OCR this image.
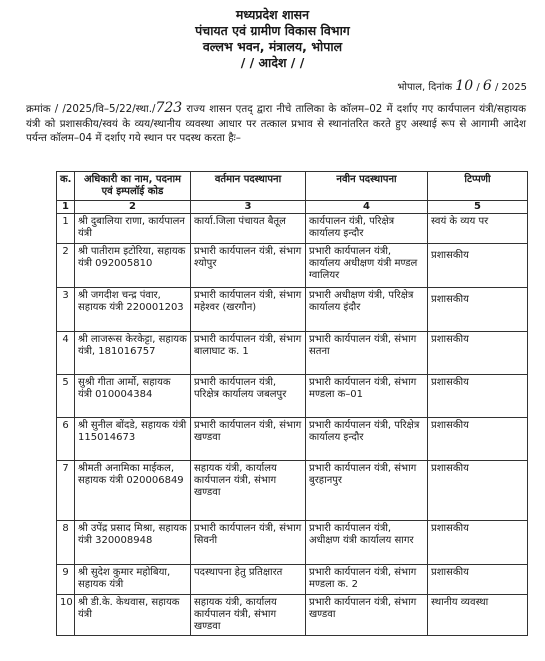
मध्यप्रदेश शासन
पंचायत एवं ग्रामीण विकास विभाग
वल्लभ भवन, मंत्रालय, भोपाल
/ / आदेश / /
भोपाल, दिनांक 10 / 6 / 2025
क्रमांक / /2025/वि–5/22/स्था./723 राज्य शासन एतद् द्वारा नीचे तालिका के कॉलम–02 में दर्शाए गए कार्यपालन यंत्री/सहायक यंत्री को प्रशासकीय/स्वयं के व्यय/स्थानीय व्यवस्था आधार पर तत्काल प्रभाव से स्थानांतरित करते हुए अस्थाई रूप से आगामी आदेश पर्यन्त कॉलम–04 में दर्शाए गये स्थान पर पदस्थ करता हैः–
क.	अधिकारी का नाम, पदनाम एवं इम्पलॉई कोड	वर्तमान पदस्थापना	नवीन पदस्थापना	टिप्पणी
1	2	3	4	5
1	श्री दुबालिया राणा, कार्यपालन यंत्री	कार्या.जिला पंचायत बैतूल	कार्यपालन यंत्री, परिक्षेत्र कार्यालय इन्दौर	स्वयं के व्यय पर
2	श्री पातीराम इटोरिया, सहायक यंत्री 092005810	प्रभारी कार्यपालन यंत्री, संभाग श्योपुर	प्रभारी कार्यपालन यंत्री, कार्यालय अधीक्षण यंत्री मण्डल ग्वालियर	प्रशासकीय
3	श्री जगदीश चन्द्र पंवार, सहायक यंत्री 220001203	प्रभारी कार्यपालन यंत्री, संभाग महेश्वर (खरगौन)	प्रभारी अधीक्षण यंत्री, परिक्षेत्र कार्यालय इंदौर	प्रशासकीय
4	श्री लाजरूस केरकेट्टा, सहायक यंत्री, 181016757	प्रभारी कार्यपालन यंत्री, संभाग बालाघाट क. 1	प्रभारी कार्यपालन यंत्री, संभाग सतना	प्रशासकीय
5	सुश्री गीता आर्मो, सहायक यंत्री 010004384	प्रभारी कार्यपालन यंत्री, परिक्षेत्र कार्यालय जबलपुर	प्रभारी कार्यपालन यंत्री, संभाग मण्डला क–01	प्रशासकीय
6	श्री सुनील बोंदडे, सहायक यंत्री 115014673	प्रभारी कार्यपालन यंत्री, संभाग खण्डवा	प्रभारी कार्यपालन यंत्री, परिक्षेत्र कार्यालय इन्दौर	प्रशासकीय
7	श्रीमती अनामिका माईकल, सहायक यंत्री 020006849	सहायक यंत्री, कार्यालय कार्यपालन यंत्री, संभाग खण्डवा	प्रभारी कार्यपालन यंत्री, संभाग बुरहानपुर	प्रशासकीय
8	श्री उपेंद्र प्रसाद मिश्रा, सहायक यंत्री 320008948	प्रभारी कार्यपालन यंत्री, संभाग सिवनी	प्रभारी कार्यपालन यंत्री, अधीक्षण यंत्री कार्यालय सागर	प्रशासकीय
9	श्री सुदेश कुमार महोबिया, सहायक यंत्री	पदस्थापना हेतु प्रतिक्षारत	प्रभारी कार्यपालन यंत्री, संभाग मण्डला क. 2	प्रशासकीय
10	श्री डी.के. केथवास, सहायक यंत्री	सहायक यंत्री, कार्यालय कार्यपालन यंत्री, संभाग खण्डवा	प्रभारी कार्यपालन यंत्री, संभाग खण्डवा	स्थानीय व्यवस्था
